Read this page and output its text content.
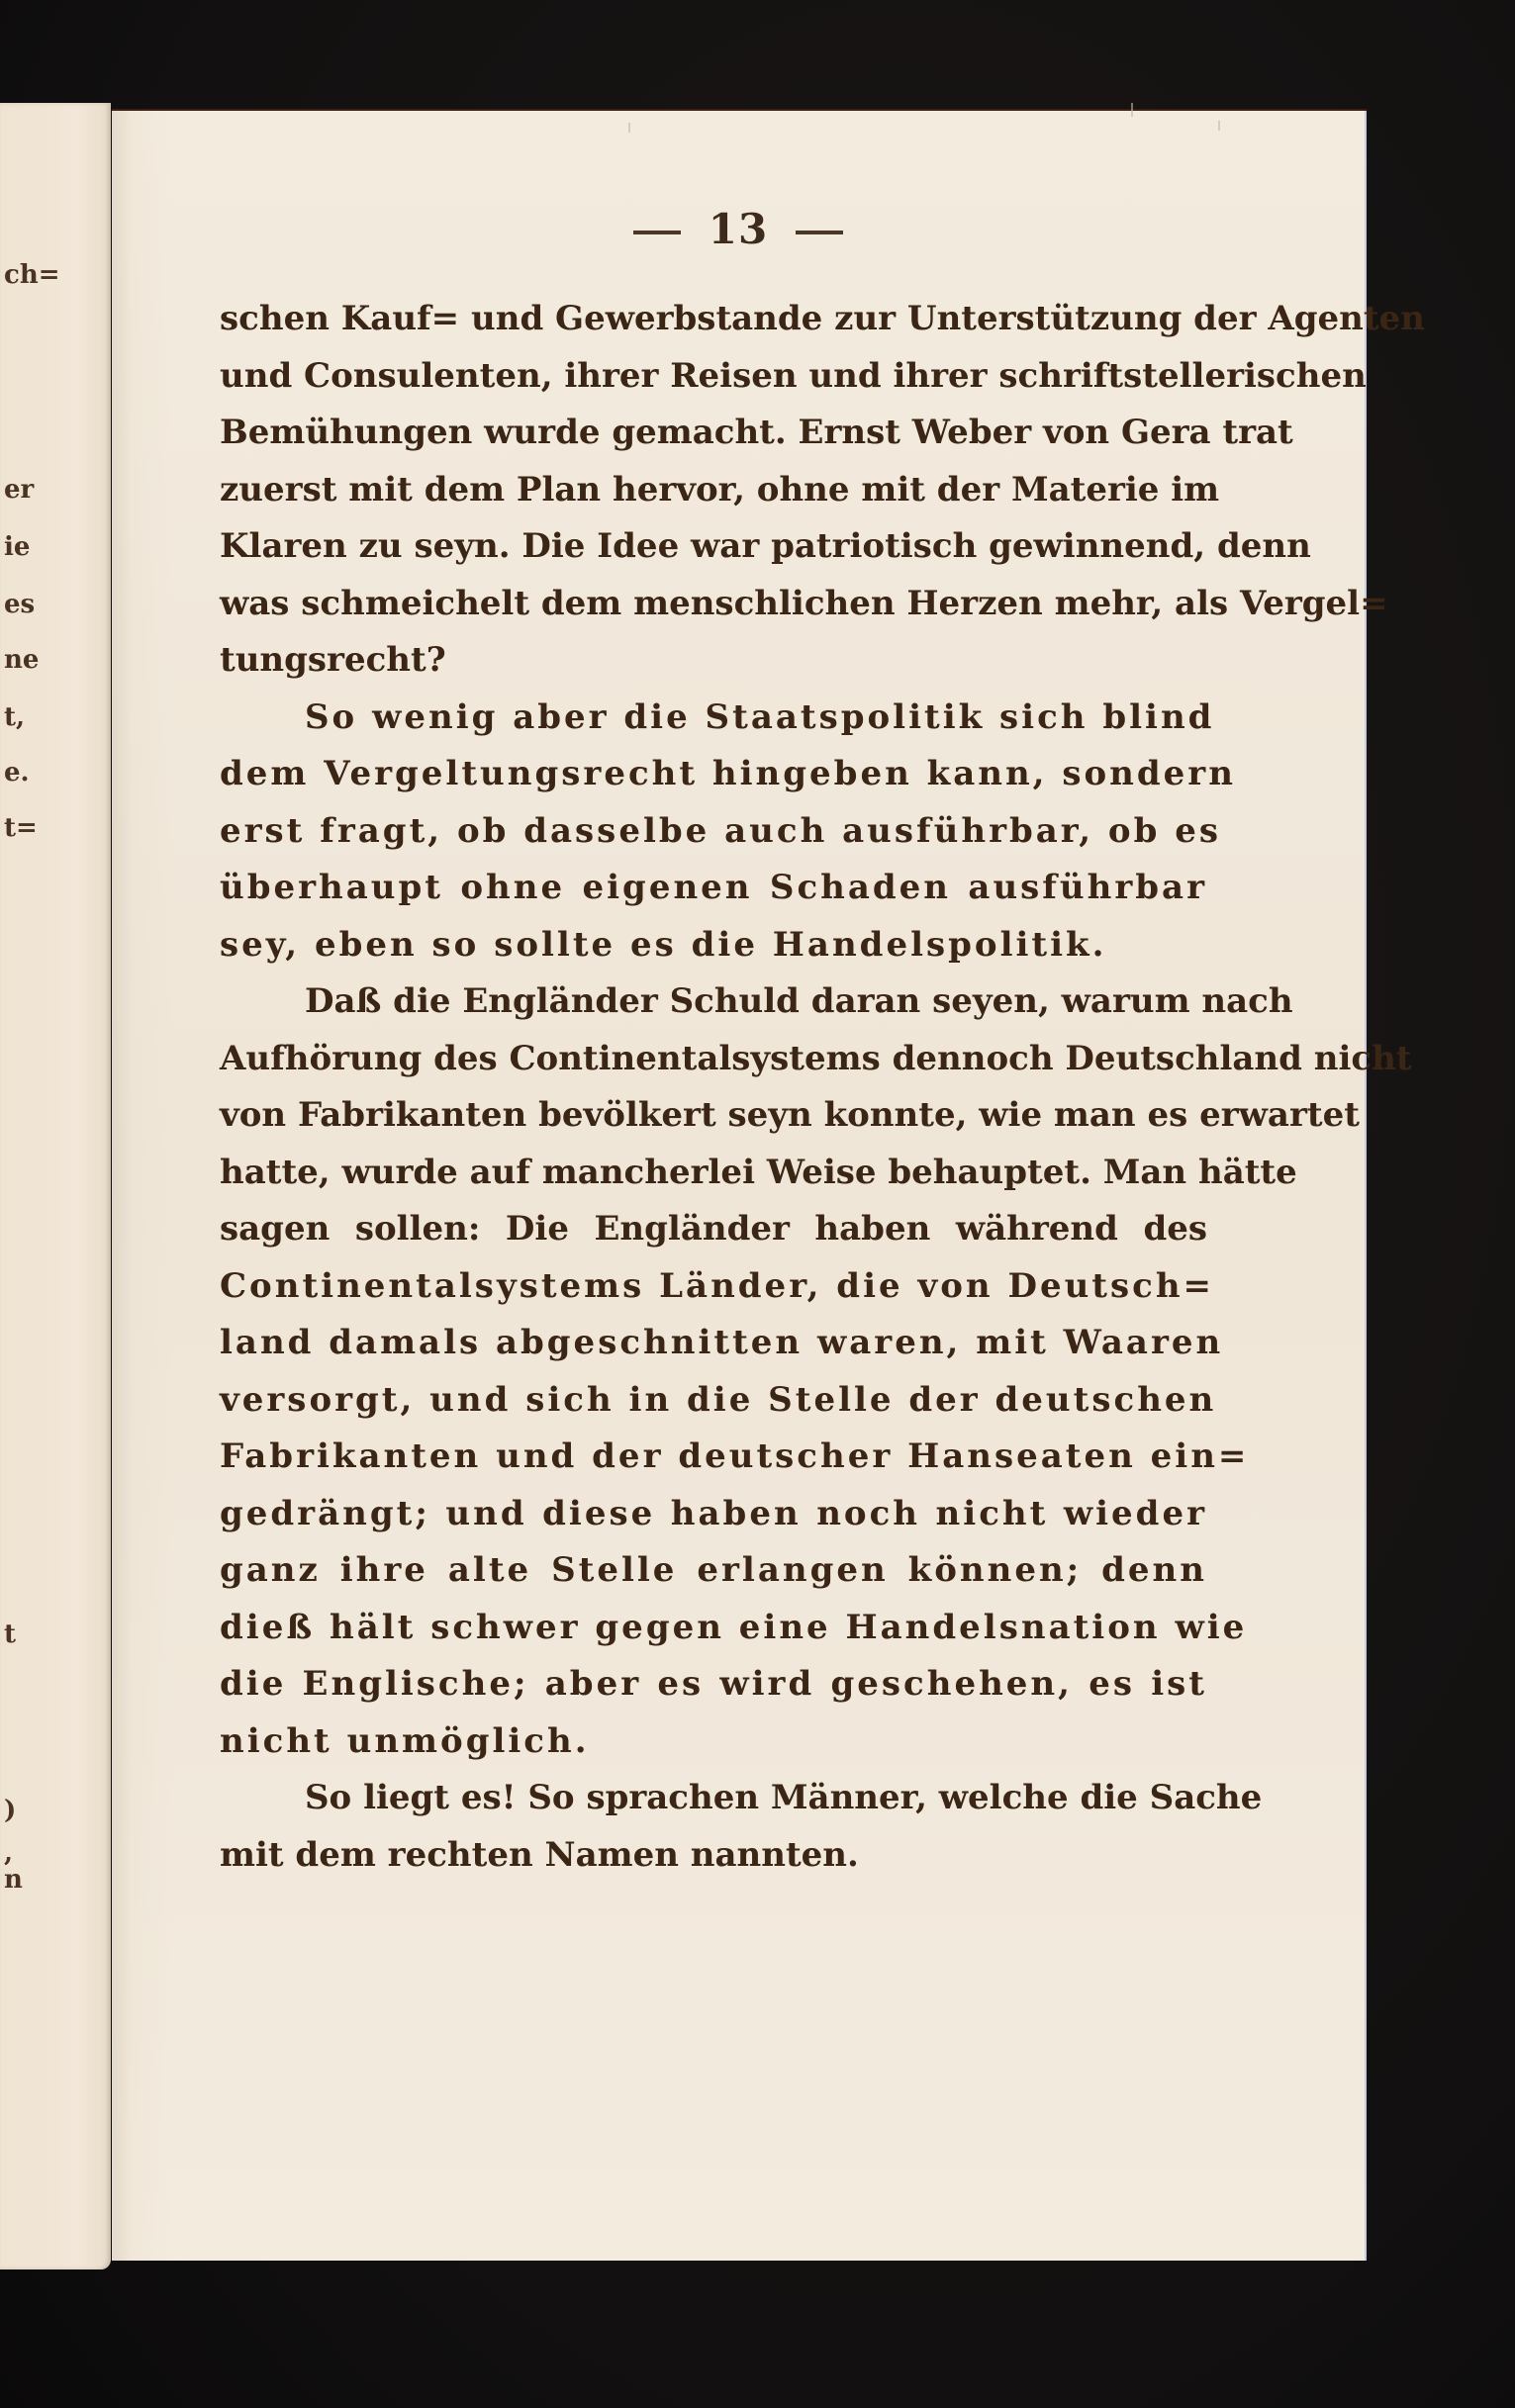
ch=
er
ie
es
ne
t,
e.
t=
t
)
,
n
13
schen Kauf= und Gewerbstande zur Unterstützung der Agenten
und Consulenten, ihrer Reisen und ihrer schriftstellerischen
Bemühungen wurde gemacht. Ernst Weber von Gera trat
zuerst mit dem Plan hervor, ohne mit der Materie im
Klaren zu seyn. Die Idee war patriotisch gewinnend, denn
was schmeichelt dem menschlichen Herzen mehr, als Vergel=
tungsrecht?
So wenig aber die Staatspolitik sich blind
dem Vergeltungsrecht hingeben kann, sondern
erst fragt, ob dasselbe auch ausführbar, ob es
überhaupt ohne eigenen Schaden ausführbar
sey, eben so sollte es die Handelspolitik.
Daß die Engländer Schuld daran seyen, warum nach
Aufhörung des Continentalsystems dennoch Deutschland nicht
von Fabrikanten bevölkert seyn konnte, wie man es erwartet
hatte, wurde auf mancherlei Weise behauptet. Man hätte
sagen sollen: Die Engländer haben während des
Continentalsystems Länder, die von Deutsch=
land damals abgeschnitten waren, mit Waaren
versorgt, und sich in die Stelle der deutschen
Fabrikanten und der deutscher Hanseaten ein=
gedrängt; und diese haben noch nicht wieder
ganz ihre alte Stelle erlangen können; denn
dieß hält schwer gegen eine Handelsnation wie
die Englische; aber es wird geschehen, es ist
nicht unmöglich.
So liegt es! So sprachen Männer, welche die Sache
mit dem rechten Namen nannten.
